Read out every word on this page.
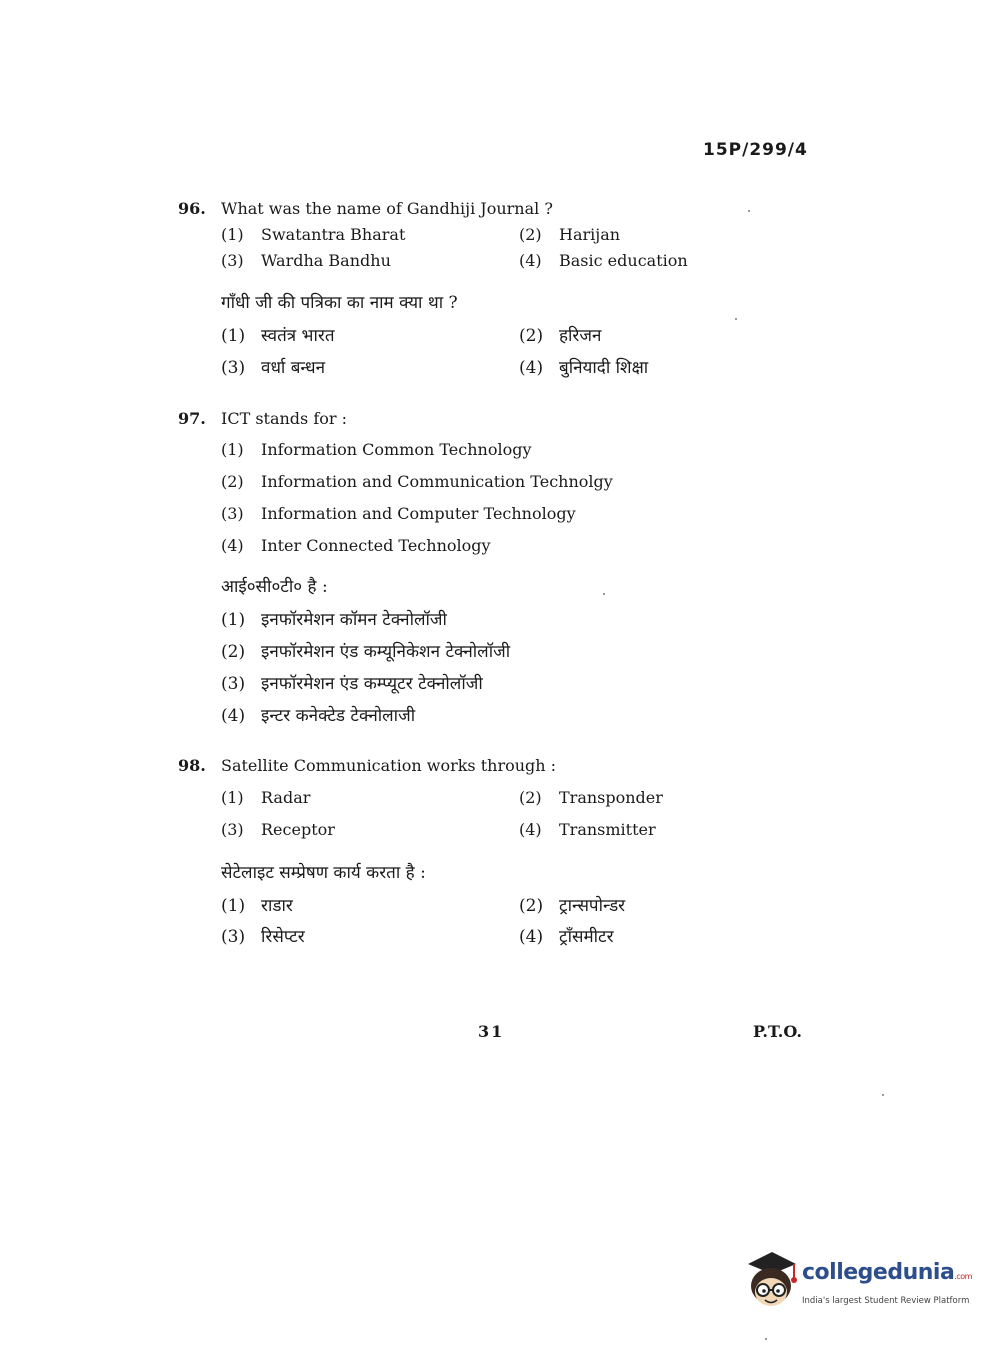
15P/299/4
96. What was the name of Gandhiji Journal ?
(1) Swatantra Bharat	(2) Harijan
(3) Wardha Bandhu	(4) Basic education
गाँधी जी की पत्रिका का नाम क्या था ?
(1) स्वतंत्र भारत	(2) हरिजन
(3) वर्धा बन्धन	(4) बुनियादी शिक्षा
97. ICT stands for :
(1) Information Common Technology
(2) Information and Communication Technolgy
(3) Information and Computer Technology
(4) Inter Connected Technology
आई०सी०टी० है :
(1) इनफॉरमेशन कॉमन टेक्नोलॉजी
(2) इनफॉरमेशन एंड कम्यूनिकेशन टेक्नोलॉजी
(3) इनफॉरमेशन एंड कम्प्यूटर टेक्नोलॉजी
(4) इन्टर कनेक्टेड टेक्नोलाजी
98. Satellite Communication works through :
(1) Radar	(2) Transponder
(3) Receptor	(4) Transmitter
सेटेलाइट सम्प्रेषण कार्य करता है :
(1) राडार	(2) ट्रान्सपोन्डर
(3) रिसेप्टर	(4) ट्राँसमीटर
31	P.T.O.
collegedunia.com
India's largest Student Review Platform
